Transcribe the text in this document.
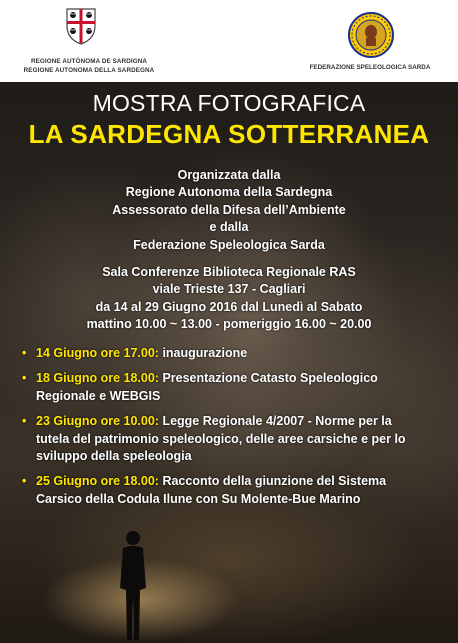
REGIONE AUTÒNOMA DE SARDIGNA
REGIONE AUTONOMA DELLA SARDEGNA	FEDERAZIONE SPELEOLOGICA SARDA
MOSTRA FOTOGRAFICA
LA SARDEGNA SOTTERRANEA
Organizzata dalla
Regione Autonoma della Sardegna
Assessorato della Difesa dell’Ambiente
e dalla
Federazione Speleologica Sarda
Sala Conferenze Biblioteca Regionale RAS
viale Trieste 137 - Cagliari
da 14 al 29 Giugno 2016 dal Lunedì al Sabato
mattino 10.00 ~ 13.00 - pomeriggio 16.00 ~ 20.00
• 14 Giugno ore 17.00: inaugurazione
• 18 Giugno ore 18.00: Presentazione Catasto Speleologico
Regionale e WEBGIS
• 23 Giugno ore 10.00: Legge Regionale 4/2007 - Norme per la
tutela del patrimonio speleologico, delle aree carsiche e per lo
sviluppo della speleologia
• 25 Giugno ore 18.00: Racconto della giunzione del Sistema
Carsico della Codula Ilune con Su Molente-Bue Marino
